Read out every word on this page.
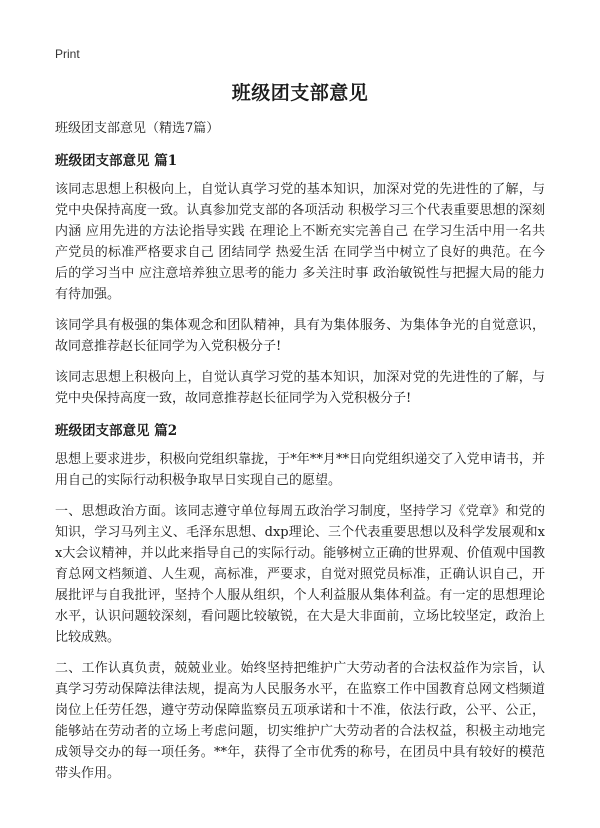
Print
班级团支部意见

班级团支部意见（精选7篇）

班级团支部意见 篇1

该同志思想上积极向上，自觉认真学习党的基本知识，加深对党的先进性的了解，与党中央保持高度一致。认真参加党支部的各项活动 积极学习三个代表重要思想的深刻内涵 应用先进的方法论指导实践 在理论上不断充实完善自己 在学习生活中用一名共产党员的标准严格要求自己 团结同学 热爱生活 在同学当中树立了良好的典范。在今后的学习当中 应注意培养独立思考的能力 多关注时事 政治敏锐性与把握大局的能力有待加强。

该同学具有极强的集体观念和团队精神，具有为集体服务、为集体争光的自觉意识，故同意推荐赵长征同学为入党积极分子!

该同志思想上积极向上，自觉认真学习党的基本知识，加深对党的先进性的了解，与党中央保持高度一致，故同意推荐赵长征同学为入党积极分子!

班级团支部意见 篇2

思想上要求进步，积极向党组织靠拢，于*年**月**日向党组织递交了入党申请书，并用自己的实际行动积极争取早日实现自己的愿望。

一、思想政治方面。该同志遵守单位每周五政治学习制度，坚持学习《党章》和党的知识，学习马列主义、毛泽东思想、dxp理论、三个代表重要思想以及科学发展观和xx大会议精神，并以此来指导自己的实际行动。能够树立正确的世界观、价值观中国教育总网文档频道、人生观，高标准，严要求，自觉对照党员标准，正确认识自己，开展批评与自我批评，坚持个人服从组织，个人利益服从集体利益。有一定的思想理论水平，认识问题较深刻，看问题比较敏锐，在大是大非面前，立场比较坚定，政治上比较成熟。

二、工作认真负责，兢兢业业。始终坚持把维护广大劳动者的合法权益作为宗旨，认真学习劳动保障法律法规，提高为人民服务水平，在监察工作中国教育总网文档频道岗位上任劳任怨，遵守劳动保障监察员五项承诺和十不准，依法行政，公平、公正，能够站在劳动者的立场上考虑问题，切实维护广大劳动者的合法权益，积极主动地完成领导交办的每一项任务。**年，获得了全市优秀的称号，在团员中具有较好的模范带头作用。
